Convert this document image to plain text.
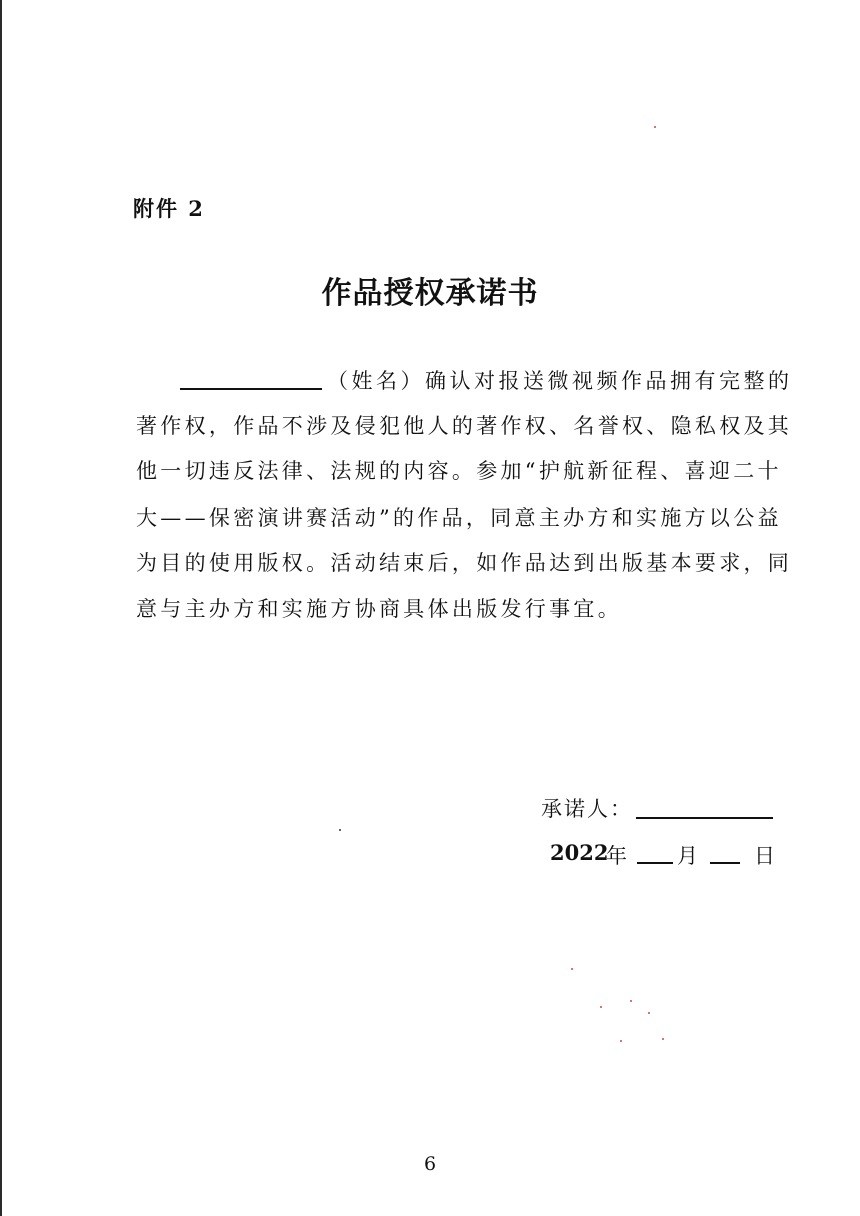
附件 2
作品授权承诺书
（姓名）确认对报送微视频作品拥有完整的
著作权，作品不涉及侵犯他人的著作权、名誉权、隐私权及其
他一切违反法律、法规的内容。参加“护航新征程、喜迎二十
大——保密演讲赛活动”的作品，同意主办方和实施方以公益
为目的使用版权。活动结束后，如作品达到出版基本要求，同
意与主办方和实施方协商具体出版发行事宜。
承诺人：
2022
年 月	日
6
